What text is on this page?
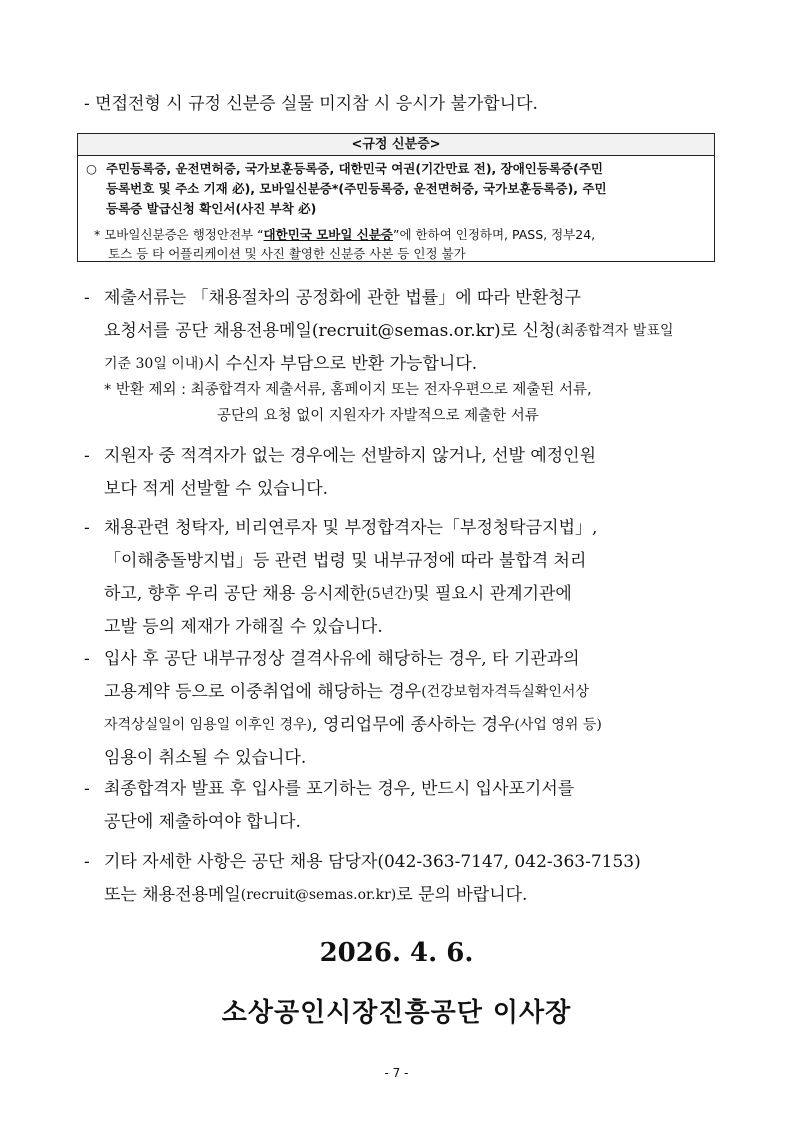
- 면접전형 시 규정 신분증 실물 미지참 시 응시가 불가합니다.
<규정 신분증>
○ 주민등록증, 운전면허증, 국가보훈등록증, 대한민국 여권(기간만료 전), 장애인등록증(주민
등록번호 및 주소 기재 必), 모바일신분증*(주민등록증, 운전면허증, 국가보훈등록증), 주민
등록증 발급신청 확인서(사진 부착 必)
* 모바일신분증은 행정안전부 “ 대한민국 모바일 신분증 ”에 한하여 인정하며, PASS, 정부24,
토스 등 타 어플리케이션 및 사진 촬영한 신분증 사본 등 인정 불가
- 제출서류는 「채용절차의 공정화에 관한 법률」에 따라 반환청구
요청서를 공단 채용전용메일(recruit@semas.or.kr)로 신청 (최종합격자 발표일
기준 30일 이내) 시 수신자 부담으로 반환 가능합니다.
* 반환 제외 : 최종합격자 제출서류, 홈페이지 또는 전자우편으로 제출된 서류,
공단의 요청 없이 지원자가 자발적으로 제출한 서류
- 지원자 중 적격자가 없는 경우에는 선발하지 않거나, 선발 예정인원
보다 적게 선발할 수 있습니다.
- 채용관련 청탁자, 비리연루자 및 부정합격자는「부정청탁금지법」,
「이해충돌방지법」등 관련 법령 및 내부규정에 따라 불합격 처리
하고, 향후 우리 공단 채용 응시제한 (5년간) 및 필요시 관계기관에
고발 등의 제재가 가해질 수 있습니다.
- 입사 후 공단 내부규정상 결격사유에 해당하는 경우, 타 기관과의
고용계약 등으로 이중취업에 해당하는 경우 (건강보험자격득실확인서상
자격상실일이 임용일 이후인 경우) , 영리업무에 종사하는 경우 (사업 영위 등)
임용이 취소될 수 있습니다.
- 최종합격자 발표 후 입사를 포기하는 경우, 반드시 입사포기서를
공단에 제출하여야 합니다.
- 기타 자세한 사항은 공단 채용 담당자(042-363-7147, 042-363-7153)
또는 채용전용메일 (recruit@semas.or.kr) 로 문의 바랍니다.
2026. 4. 6.
소상공인시장진흥공단 이사장
- 7 -
